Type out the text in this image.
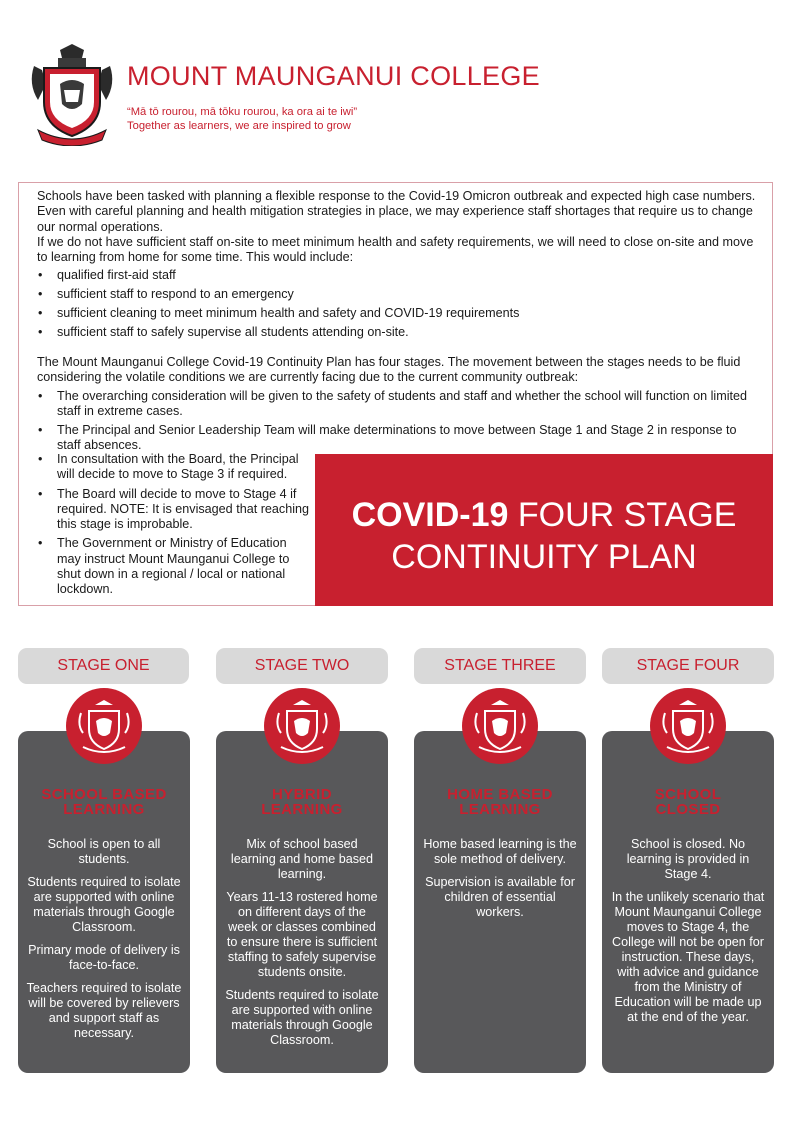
MOUNT MAUNGANUI COLLEGE
“Mā tō rourou, mā tōku rourou, ka ora ai te iwi”
Together as learners, we are inspired to grow

Schools have been tasked with planning a flexible response to the Covid-19 Omicron outbreak and expected high case numbers. Even with careful planning and health mitigation strategies in place, we may experience staff shortages that require us to change our normal operations.

If we do not have sufficient staff on-site to meet minimum health and safety requirements, we will need to close on-site and move to learning from home for some time. This would include:

• qualified first-aid staff
• sufficient staff to respond to an emergency
• sufficient cleaning to meet minimum health and safety and COVID-19 requirements
• sufficient staff to safely supervise all students attending on-site.

The Mount Maunganui College Covid-19 Continuity Plan has four stages. The movement between the stages needs to be fluid considering the volatile conditions we are currently facing due to the current community outbreak:

• The overarching consideration will be given to the safety of students and staff and whether the school will function on limited staff in extreme cases.
• The Principal and Senior Leadership Team will make determinations to move between Stage 1 and Stage 2 in response to staff absences.
• In consultation with the Board, the Principal will decide to move to Stage 3 if required.
• The Board will decide to move to Stage 4 if required. NOTE: It is envisaged that reaching this stage is improbable.
• The Government or Ministry of Education may instruct Mount Maunganui College to shut down in a regional / local or national lockdown.
COVID-19 FOUR STAGE
CONTINUITY PLAN
STAGE ONE	STAGE TWO	STAGE THREE	STAGE FOUR
SCHOOL BASED
LEARNING

School is open to all students.

Students required to isolate are supported with online materials through Google Classroom.

Primary mode of delivery is face-to-face.

Teachers required to isolate will be covered by relievers and support staff as necessary.

HYBRID
LEARNING

Mix of school based learning and home based learning.

Years 11-13 rostered home on different days of the week or classes combined to ensure there is sufficient staffing to safely supervise students onsite.

Students required to isolate are supported with online materials through Google Classroom.

HOME BASED
LEARNING

Home based learning is the sole method of delivery.

Supervision is available for children of essential workers.

SCHOOL
CLOSED

School is closed. No learning is provided in Stage 4.

In the unlikely scenario that Mount Maunganui College moves to Stage 4, the College will not be open for instruction. These days, with advice and guidance from the Ministry of Education will be made up at the end of the year.
